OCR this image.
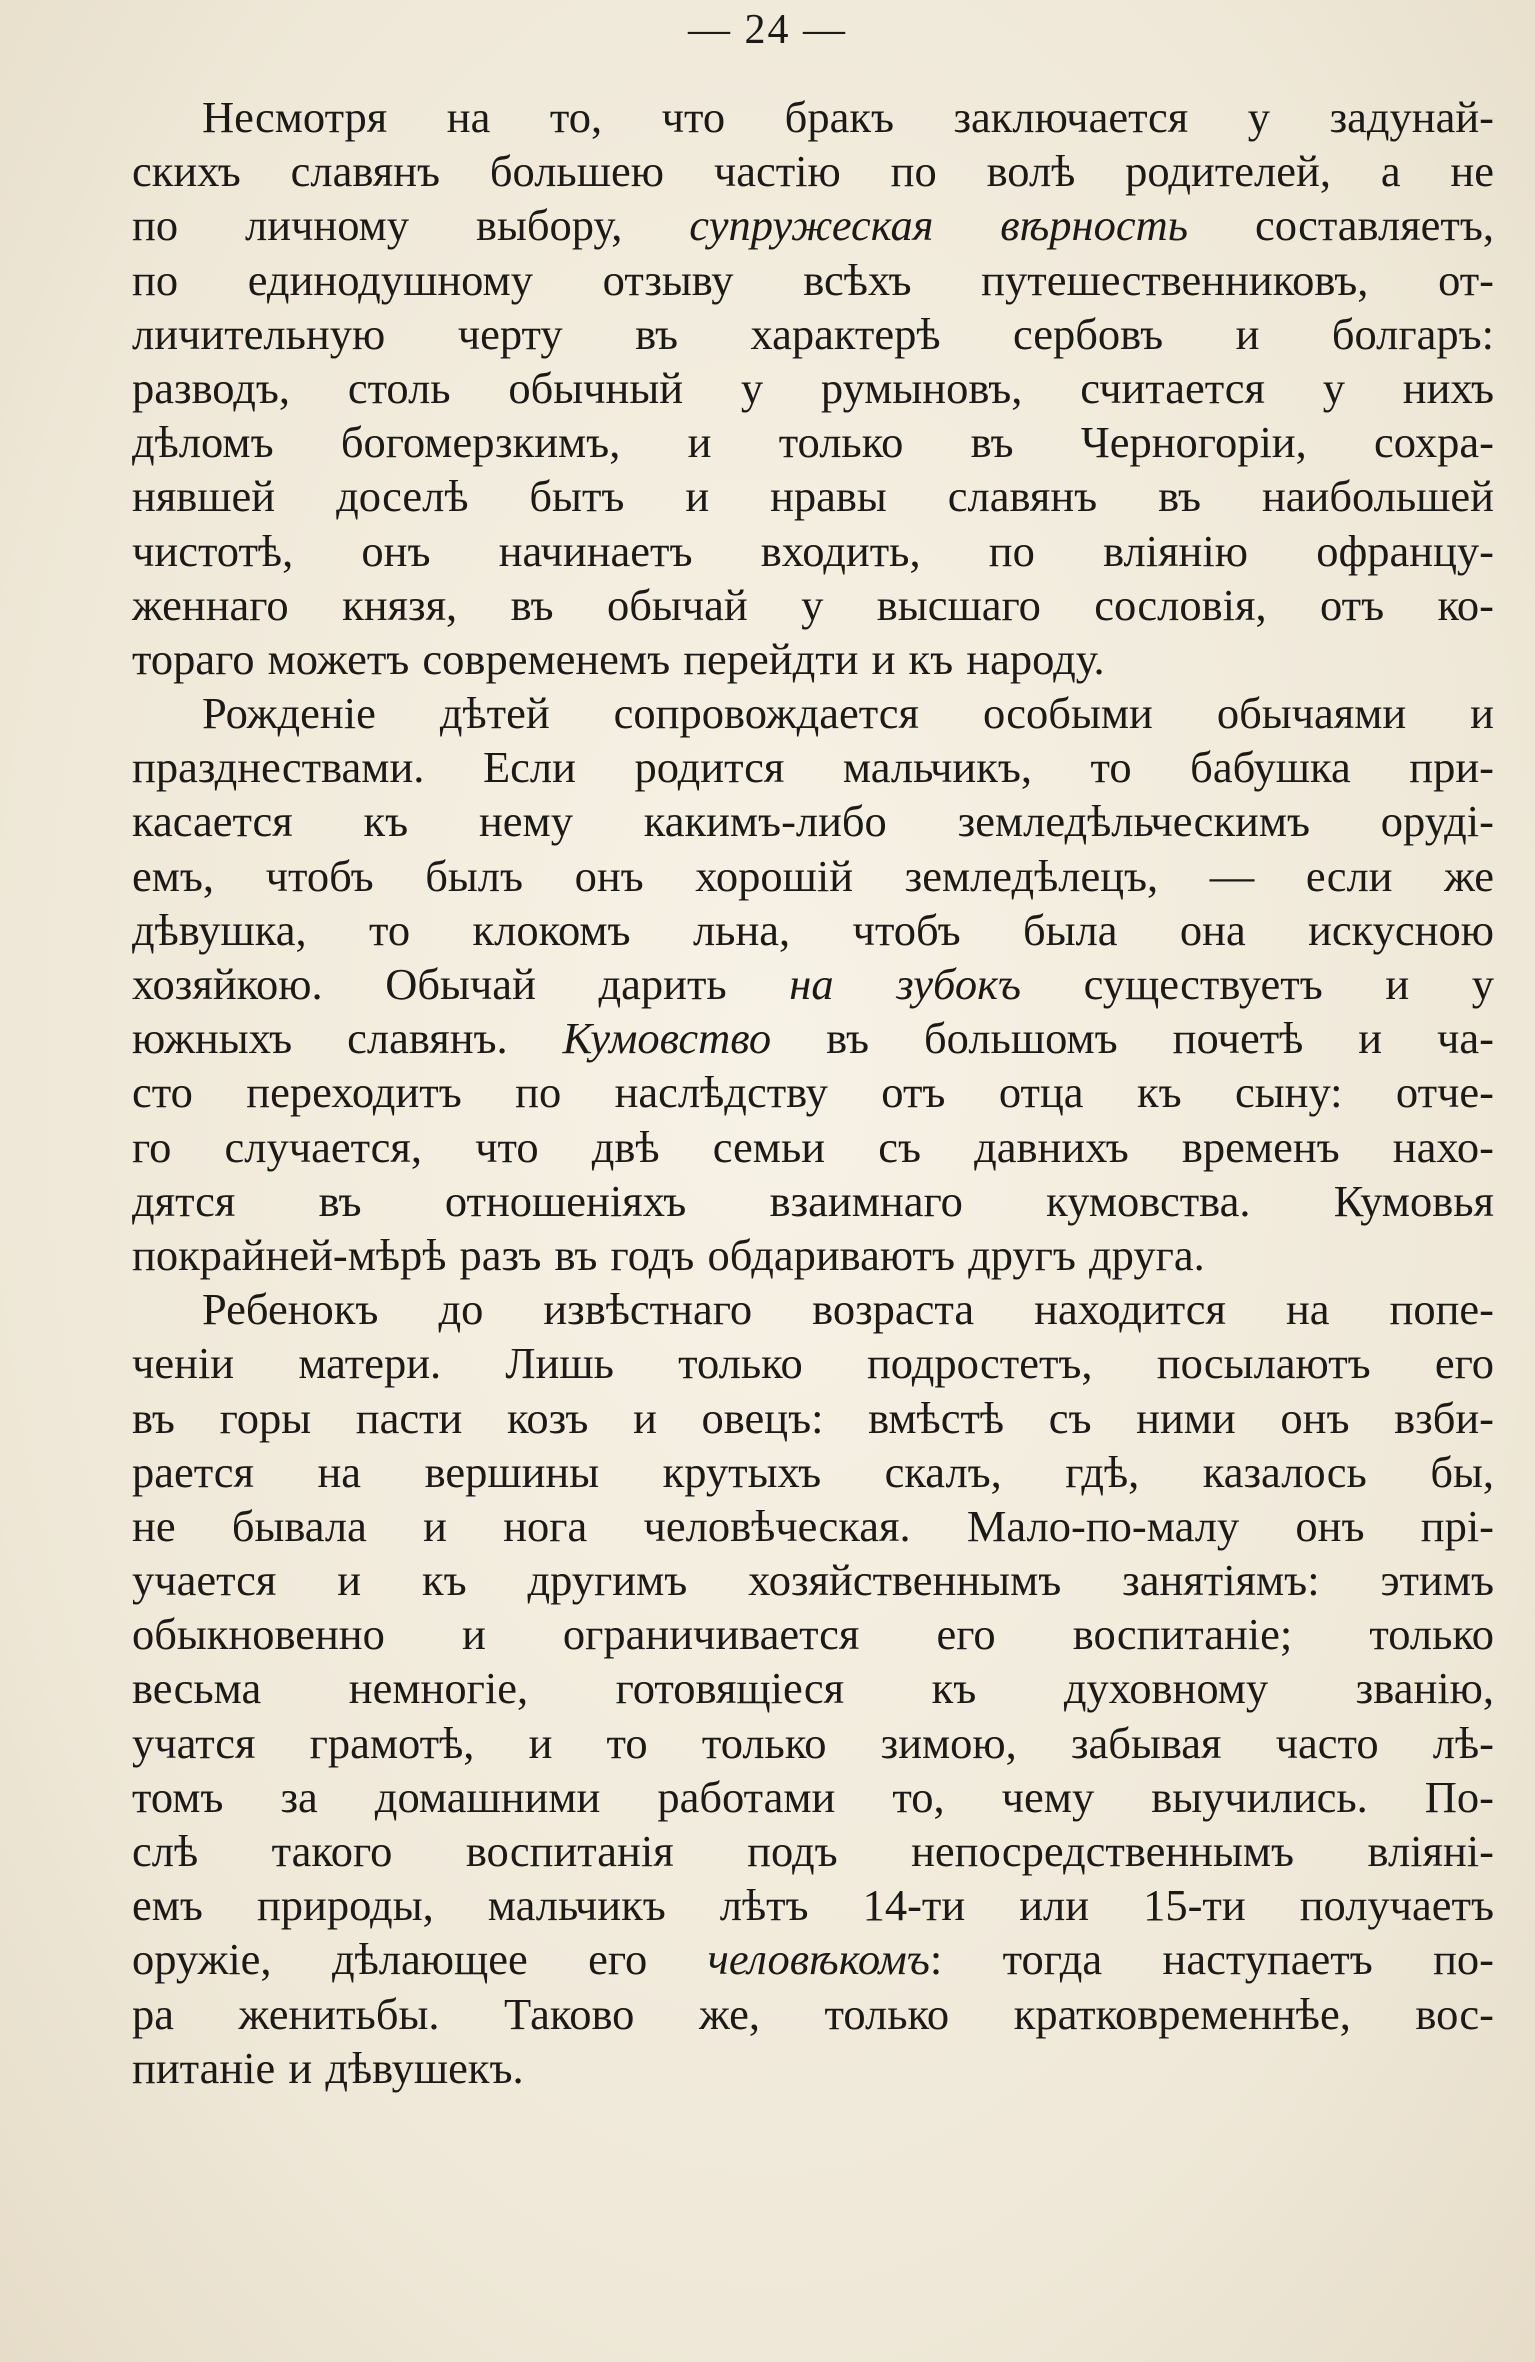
— 24 —
Несмотря на то, что бракъ заключается у задунай-
скихъ славянъ большею частію по волѣ родителей, а не
по личному выбору, супружеская вѣрность составляетъ,
по единодушному отзыву всѣхъ путешественниковъ, от-
личительную черту въ характерѣ сербовъ и болгаръ:
разводъ, столь обычный у румыновъ, считается у нихъ
дѣломъ богомерзкимъ, и только въ Черногоріи, сохра-
нявшей доселѣ бытъ и нравы славянъ въ наибольшей
чистотѣ, онъ начинаетъ входить, по вліянію офранцу-
женнаго князя, въ обычай у высшаго сословія, отъ ко-
тораго можетъ современемъ перейдти и къ народу.
Рожденіе дѣтей сопровождается особыми обычаями и
празднествами. Если родится мальчикъ, то бабушка при-
касается къ нему какимъ-либо земледѣльческимъ оруді-
емъ, чтобъ былъ онъ хорошій земледѣлецъ, — если же
дѣвушка, то клокомъ льна, чтобъ была она искусною
хозяйкою. Обычай дарить на зубокъ существуетъ и у
южныхъ славянъ. Кумовство въ большомъ почетѣ и ча-
сто переходитъ по наслѣдству отъ отца къ сыну: отче-
го случается, что двѣ семьи съ давнихъ временъ нахо-
дятся въ отношеніяхъ взаимнаго кумовства. Кумовья
покрайней-мѣрѣ разъ въ годъ обдариваютъ другъ друга.
Ребенокъ до извѣстнаго возраста находится на попе-
ченіи матери. Лишь только подростетъ, посылаютъ его
въ горы пасти козъ и овецъ: вмѣстѣ съ ними онъ взби-
рается на вершины крутыхъ скалъ, гдѣ, казалось бы,
не бывала и нога человѣческая. Мало-по-малу онъ прі-
учается и къ другимъ хозяйственнымъ занятіямъ: этимъ
обыкновенно и ограничивается его воспитаніе; только
весьма немногіе, готовящіеся къ духовному званію,
учатся грамотѣ, и то только зимою, забывая часто лѣ-
томъ за домашними работами то, чему выучились. По-
слѣ такого воспитанія подъ непосредственнымъ вліяні-
емъ природы, мальчикъ лѣтъ 14-ти или 15-ти получаетъ
оружіе, дѣлающее его человѣкомъ: тогда наступаетъ по-
ра женитьбы. Таково же, только кратковременнѣе, вос-
питаніе и дѣвушекъ.
